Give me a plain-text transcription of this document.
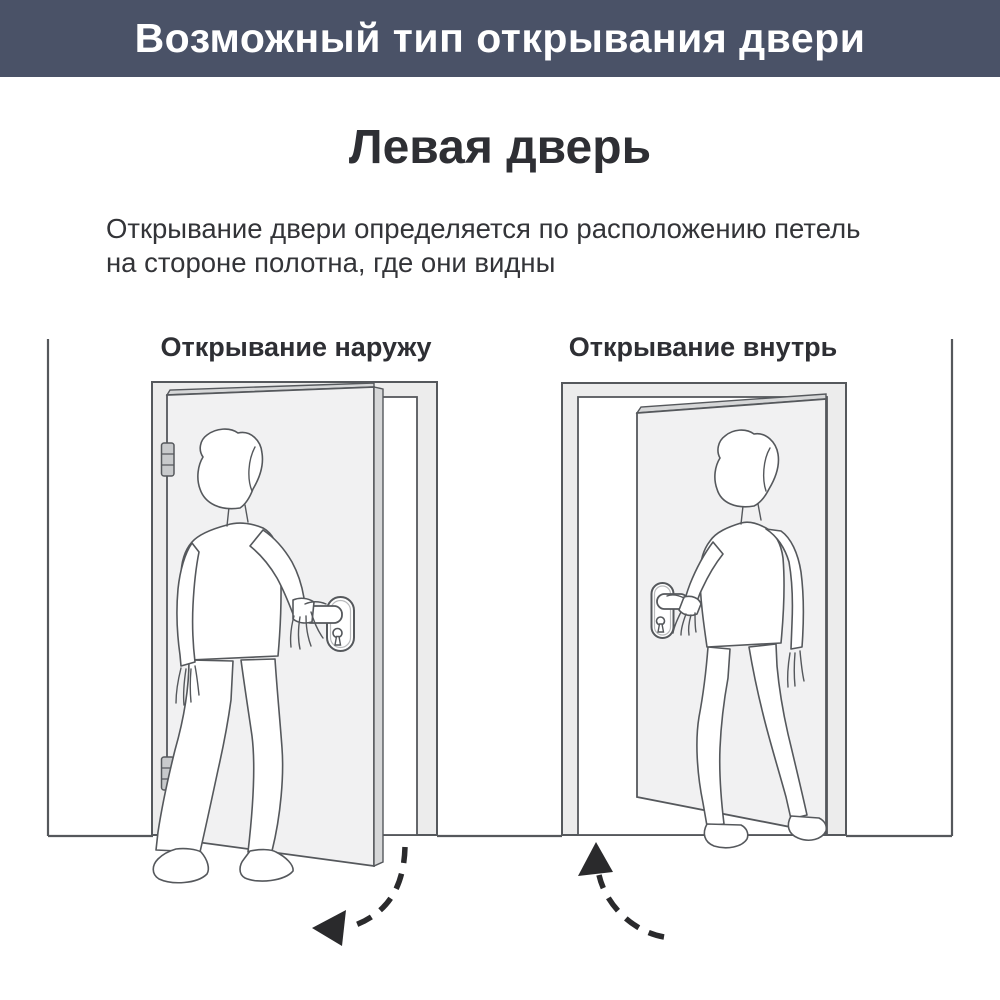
Возможный тип открывания двери
Левая дверь
Открывание двери определяется по расположению петель
на стороне полотна, где они видны
Открывание наружу	Открывание внутрь
